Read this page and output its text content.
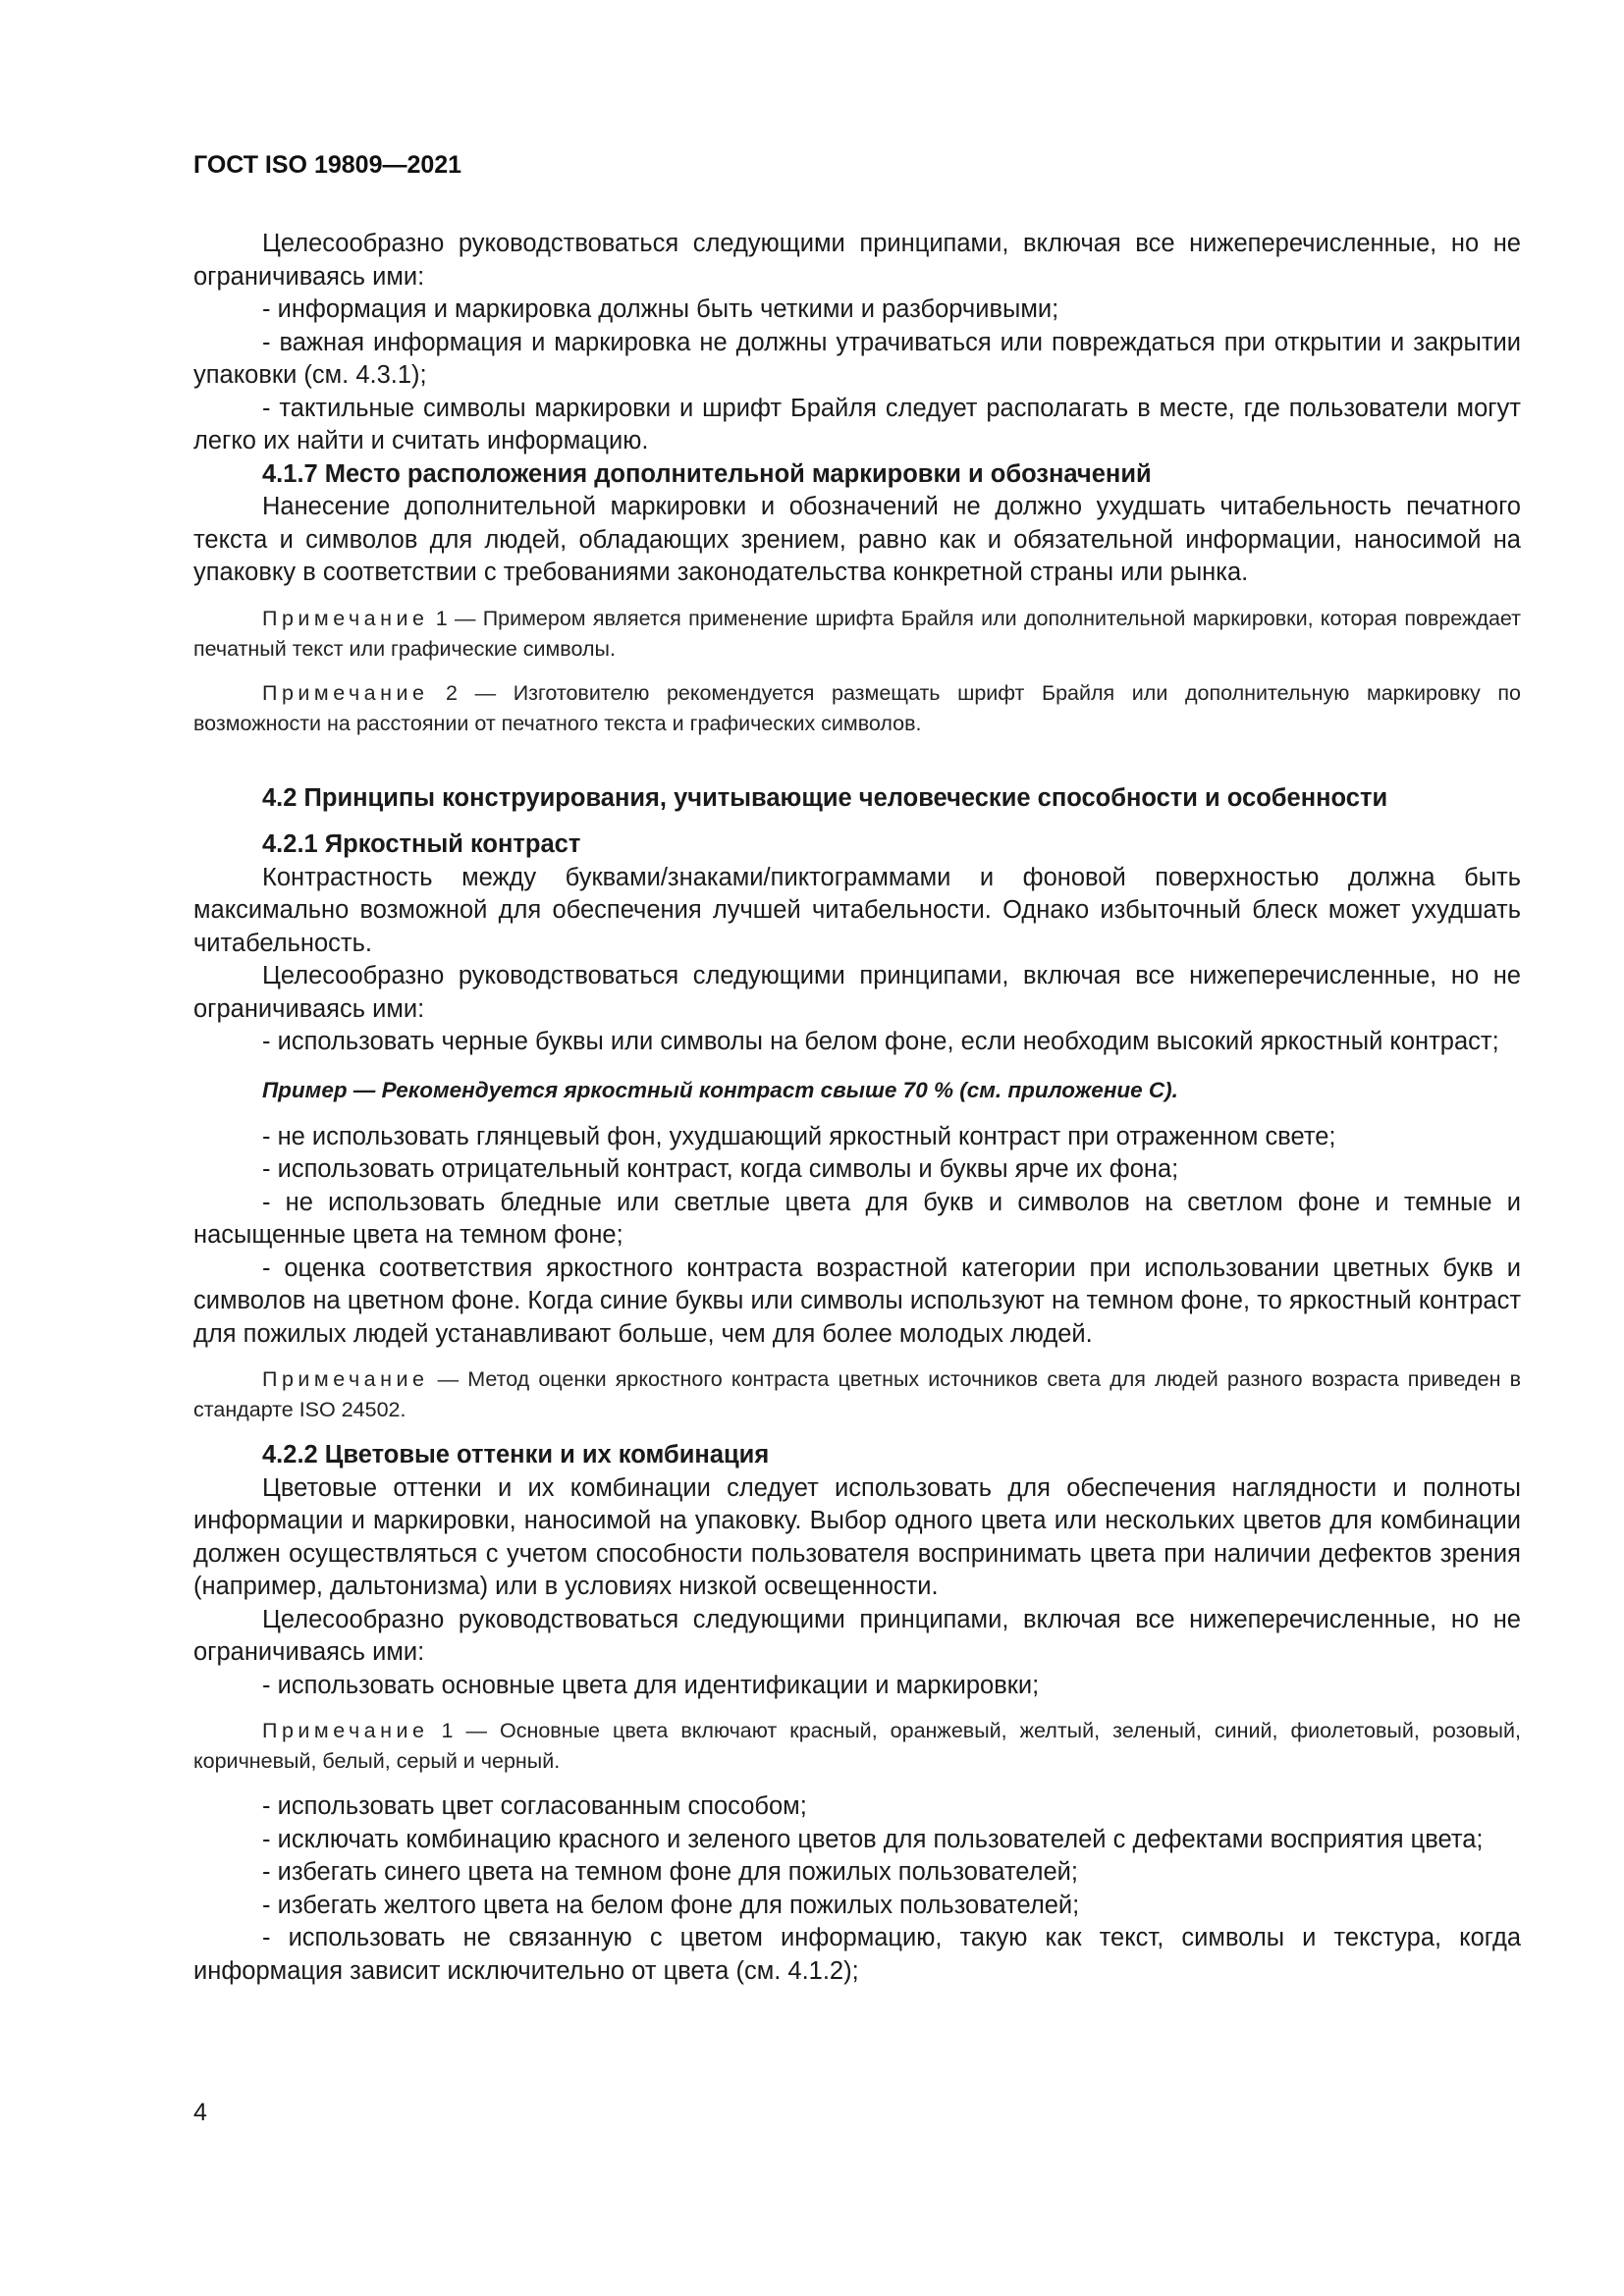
ГОСТ ISO 19809—2021

Целесообразно руководствоваться следующими принципами, включая все нижеперечисленные, но не ограничиваясь ими:

- информация и маркировка должны быть четкими и разборчивыми;

- важная информация и маркировка не должны утрачиваться или повреждаться при открытии и закрытии упаковки (см. 4.3.1);

- тактильные символы маркировки и шрифт Брайля следует располагать в месте, где пользователи могут легко их найти и считать информацию.

4.1.7 Место расположения дополнительной маркировки и обозначений

Нанесение дополнительной маркировки и обозначений не должно ухудшать читабельность печатного текста и символов для людей, обладающих зрением, равно как и обязательной информации, наносимой на упаковку в соответствии с требованиями законодательства конкретной страны или рынка.

Примечание 1 — Примером является применение шрифта Брайля или дополнительной маркировки, которая повреждает печатный текст или графические символы.

Примечание 2 — Изготовителю рекомендуется размещать шрифт Брайля или дополнительную маркировку по возможности на расстоянии от печатного текста и графических символов.

4.2 Принципы конструирования, учитывающие человеческие способности и особенности

4.2.1 Яркостный контраст

Контрастность между буквами/знаками/пиктограммами и фоновой поверхностью должна быть максимально возможной для обеспечения лучшей читабельности. Однако избыточный блеск может ухудшать читабельность.

Целесообразно руководствоваться следующими принципами, включая все нижеперечисленные, но не ограничиваясь ими:

- использовать черные буквы или символы на белом фоне, если необходим высокий яркостный контраст;

Пример — Рекомендуется яркостный контраст свыше 70 % (см. приложение С).

- не использовать глянцевый фон, ухудшающий яркостный контраст при отраженном свете;

- использовать отрицательный контраст, когда символы и буквы ярче их фона;

- не использовать бледные или светлые цвета для букв и символов на светлом фоне и темные и насыщенные цвета на темном фоне;

- оценка соответствия яркостного контраста возрастной категории при использовании цветных букв и символов на цветном фоне. Когда синие буквы или символы используют на темном фоне, то яркостный контраст для пожилых людей устанавливают больше, чем для более молодых людей.

Примечание — Метод оценки яркостного контраста цветных источников света для людей разного возраста приведен в стандарте ISO 24502.

4.2.2 Цветовые оттенки и их комбинация

Цветовые оттенки и их комбинации следует использовать для обеспечения наглядности и полноты информации и маркировки, наносимой на упаковку. Выбор одного цвета или нескольких цветов для комбинации должен осуществляться с учетом способности пользователя воспринимать цвета при наличии дефектов зрения (например, дальтонизма) или в условиях низкой освещенности.

Целесообразно руководствоваться следующими принципами, включая все нижеперечисленные, но не ограничиваясь ими:

- использовать основные цвета для идентификации и маркировки;

Примечание 1 — Основные цвета включают красный, оранжевый, желтый, зеленый, синий, фиолетовый, розовый, коричневый, белый, серый и черный.

- использовать цвет согласованным способом;

- исключать комбинацию красного и зеленого цветов для пользователей с дефектами восприятия цвета;

- избегать синего цвета на темном фоне для пожилых пользователей;

- избегать желтого цвета на белом фоне для пожилых пользователей;

- использовать не связанную с цветом информацию, такую как текст, символы и текстура, когда информация зависит исключительно от цвета (см. 4.1.2);

4
